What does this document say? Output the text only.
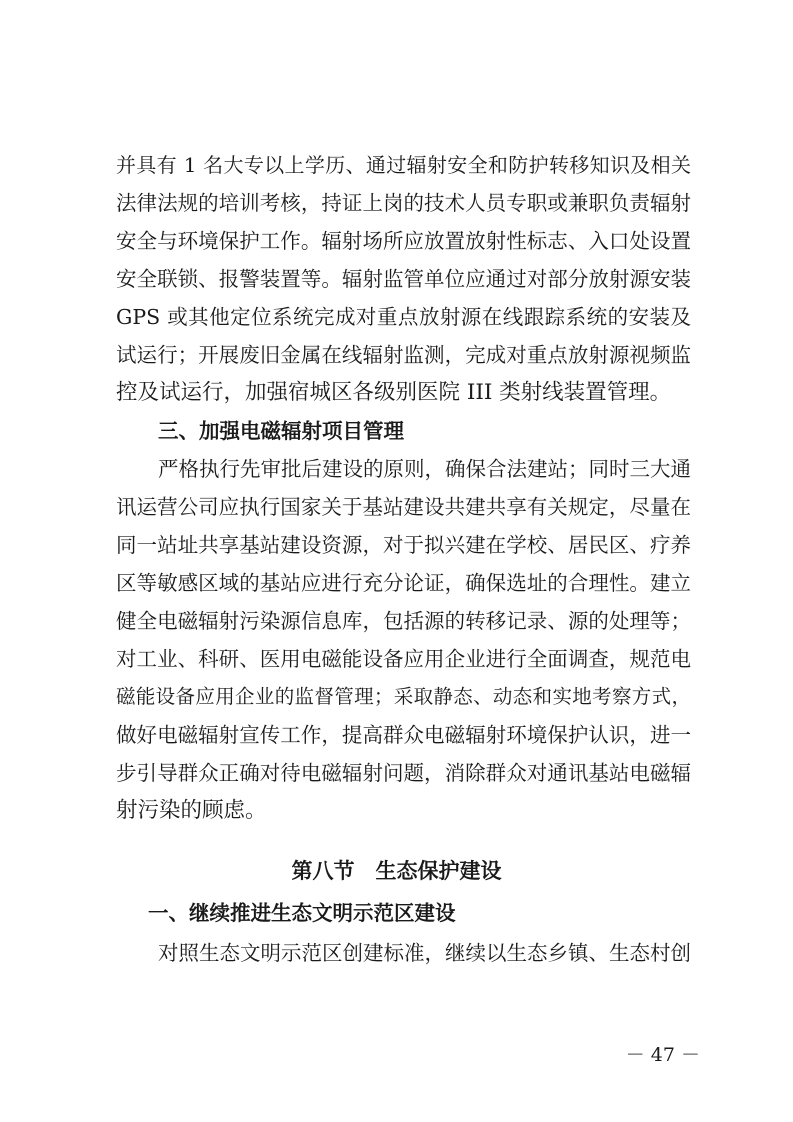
并具有 1 名大专以上学历、通过辐射安全和防护转移知识及相关
法律法规的培训考核，持证上岗的技术人员专职或兼职负责辐射
安全与环境保护工作。辐射场所应放置放射性标志、入口处设置
安全联锁、报警装置等。辐射监管单位应通过对部分放射源安装
GPS 或其他定位系统完成对重点放射源在线跟踪系统的安装及
试运行；开展废旧金属在线辐射监测，完成对重点放射源视频监
控及试运行，加强宿城区各级别医院 III 类射线装置管理。
三、加强电磁辐射项目管理
严格执行先审批后建设的原则，确保合法建站；同时三大通
讯运营公司应执行国家关于基站建设共建共享有关规定，尽量在
同一站址共享基站建设资源，对于拟兴建在学校、居民区、疗养
区等敏感区域的基站应进行充分论证，确保选址的合理性。建立
健全电磁辐射污染源信息库，包括源的转移记录、源的处理等；
对工业、科研、医用电磁能设备应用企业进行全面调查，规范电
磁能设备应用企业的监督管理；采取静态、动态和实地考察方式，
做好电磁辐射宣传工作，提高群众电磁辐射环境保护认识，进一
步引导群众正确对待电磁辐射问题，消除群众对通讯基站电磁辐
射污染的顾虑。
第八节　生态保护建设
一、继续推进生态文明示范区建设
对照生态文明示范区创建标准，继续以生态乡镇、生态村创
－ 47 －
